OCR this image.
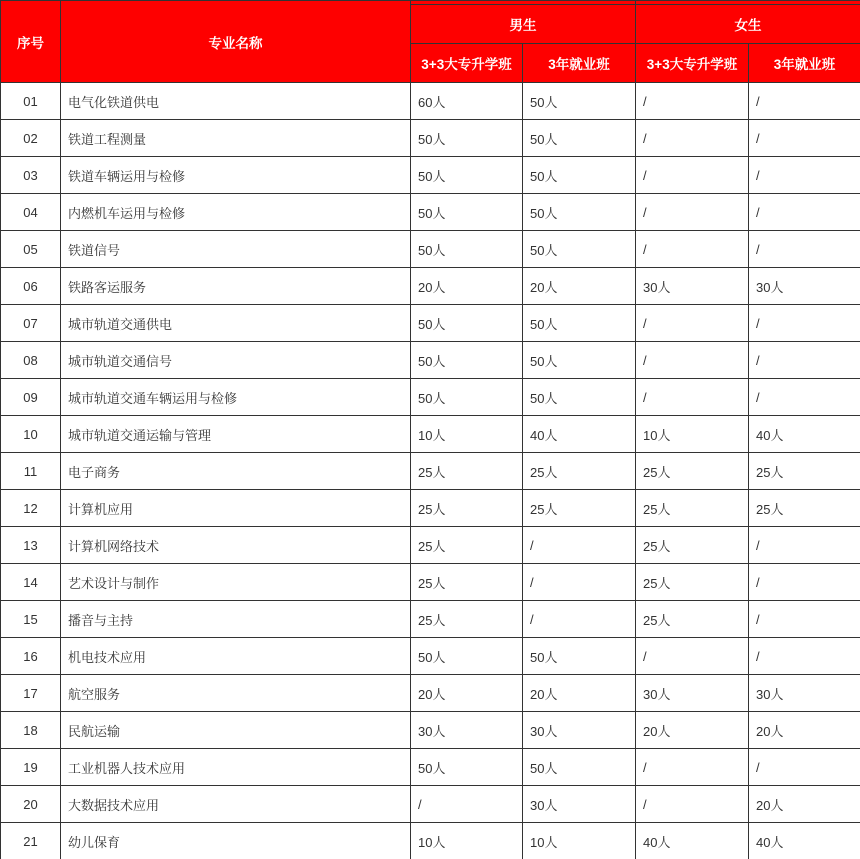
序号	专业名称				
		男生		女生	
		3+3大专升学班	3年就业班	3+3大专升学班	3年就业班
01	电气化铁道供电	60人	50人	/	/
02	铁道工程测量	50人	50人	/	/
03	铁道车辆运用与检修	50人	50人	/	/
04	内燃机车运用与检修	50人	50人	/	/
05	铁道信号	50人	50人	/	/
06	铁路客运服务	20人	20人	30人	30人
07	城市轨道交通供电	50人	50人	/	/
08	城市轨道交通信号	50人	50人	/	/
09	城市轨道交通车辆运用与检修	50人	50人	/	/
10	城市轨道交通运输与管理	10人	40人	10人	40人
11	电子商务	25人	25人	25人	25人
12	计算机应用	25人	25人	25人	25人
13	计算机网络技术	25人	/	25人	/
14	艺术设计与制作	25人	/	25人	/
15	播音与主持	25人	/	25人	/
16	机电技术应用	50人	50人	/	/
17	航空服务	20人	20人	30人	30人
18	民航运输	30人	30人	20人	20人
19	工业机器人技术应用	50人	50人	/	/
20	大数据技术应用	/	30人	/	20人
21	幼儿保育	10人	10人	40人	40人
